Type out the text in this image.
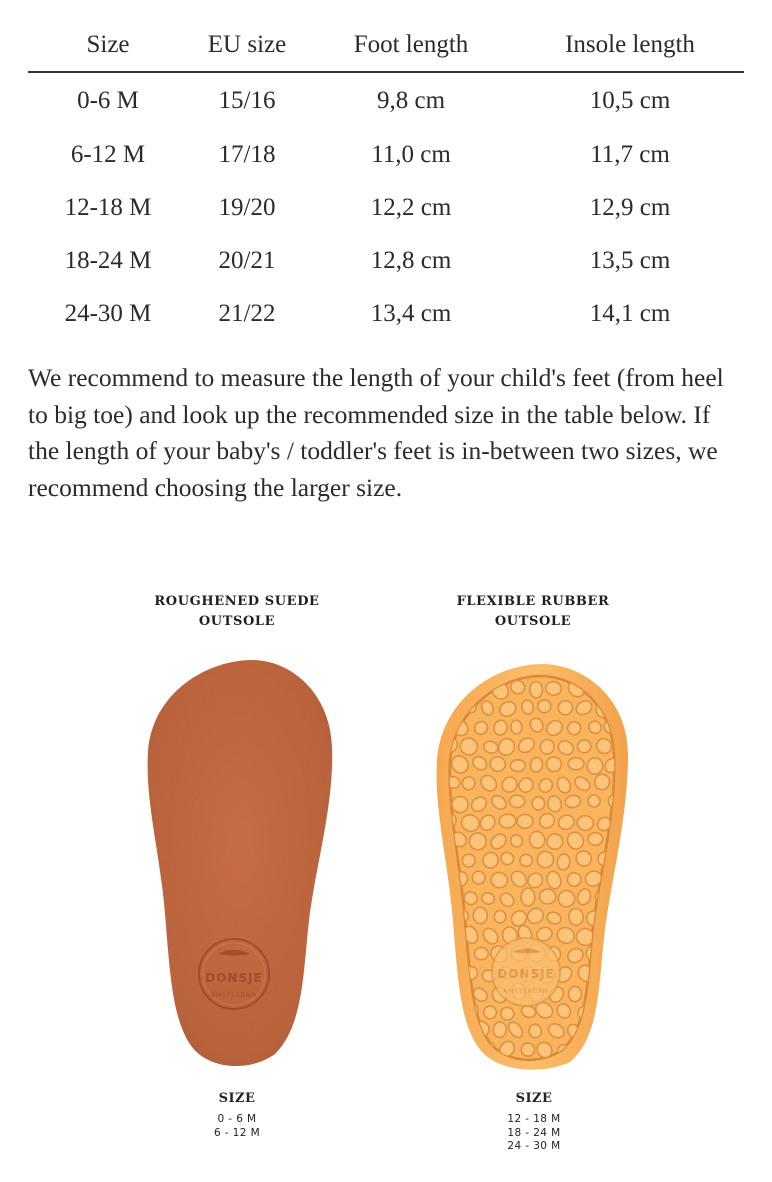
Size	EU size	Foot length	Insole length
0-6 M	15/16	9,8 cm	10,5 cm
6-12 M	17/18	11,0 cm	11,7 cm
12-18 M	19/20	12,2 cm	12,9 cm
18-24 M	20/21	12,8 cm	13,5 cm
24-30 M	21/22	13,4 cm	14,1 cm

We recommend to measure the length of your child's feet (from heel to big toe) and look up the recommended size in the table below. If the length of your baby's / toddler's feet is in-between two sizes, we recommend choosing the larger size.

ROUGHENED SUEDE
OUTSOLE

FLEXIBLE RUBBER
OUTSOLE

DONSJE
AMSTERDAM
DONSJE
AMSTERDAM
SIZE
0 - 6 M
6 - 12 M
SIZE
12 - 18 M
18 - 24 M
24 - 30 M
